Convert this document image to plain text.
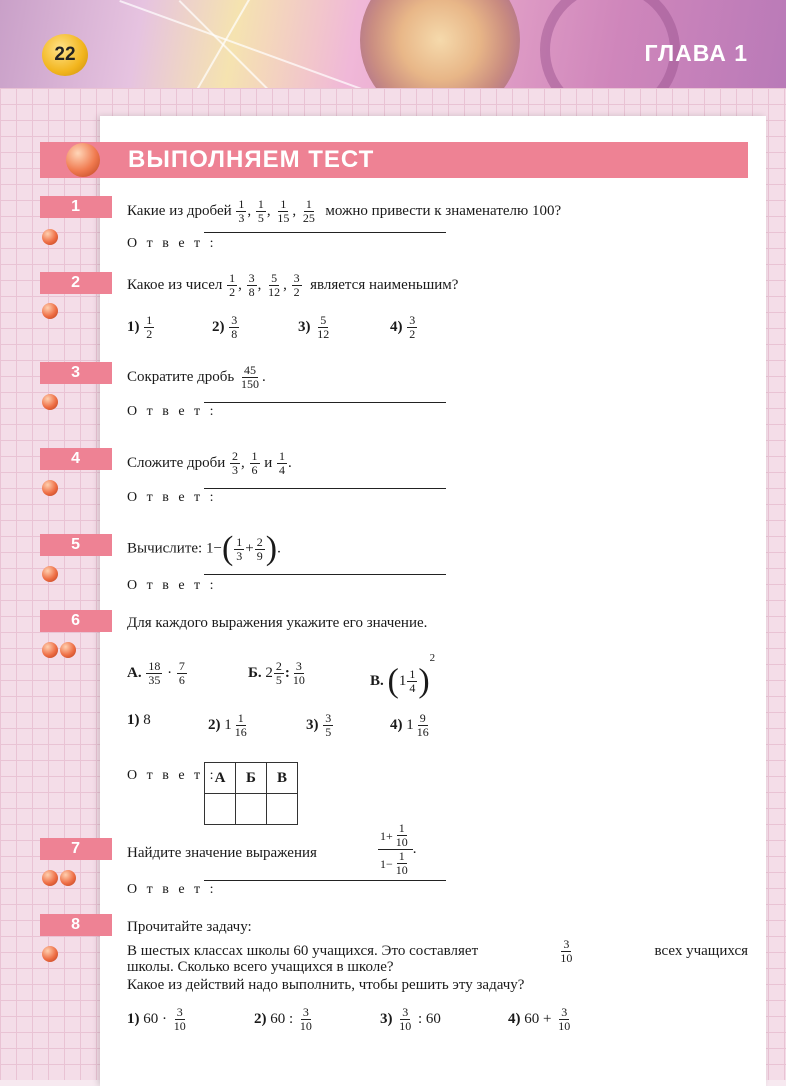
22	ГЛАВА 1
ВЫПОЛНЯЕМ ТЕСТ
1	Какие из дробей $\frac{1}{3}$ , $\frac{1}{5}$ , $\frac{1}{15}$ , $\frac{1}{25}$ можно привести к знаменателю 100?
О т в е т :
2	Какое из чисел $\frac{1}{2}$ , $\frac{3}{8}$ , $\frac{5}{12}$ , $\frac{3}{2}$ является наименьшим?
$1) \frac{1}{2}$	$2) \frac{3}{8}$	$3) \frac{5}{12}$	$4) \frac{3}{2}$
3	Сократите дробь $\frac{45}{150}$ .
О т в е т :
4	Сложите дроби $\frac{2}{3}$ , $\frac{1}{6}$ и $\frac{1}{4}$ .
О т в е т :
5	Вычислите: $1-( \frac{1}{3} + \frac{2}{9}$ ).
О т в е т :
6	Для каждого выражения укажите его значение.
А. $\frac{18}{35} \cdot \frac{7}{6}$	Б. $2 \frac{2}{5}$ : $\frac{3}{10}$	В. $(1 \frac{1}{4} )^2$
1) 8	2) $1 \frac{1}{16}$	$3) \frac{3}{5}$	4) $1 \frac{9}{16}$
О т в е т :
А	Б	В

7	Найдите значение выражения	$\frac{1 + \frac{1}{10}}{1 - \frac{1}{10}}$ .
О т в е т :
8	Прочитайте задачу:
В шестых классах школы 60 учащихся. Это составляет	$\frac{3}{10}$	всех учащихся
школы. Сколько всего учащихся в школе?
Какое из действий надо выполнить, чтобы решить эту задачу?
1) $60 \cdot \frac{3}{10}$	2) 60 : $\frac{3}{10}$	$3) \frac{3}{10}$ : 60	4) $60 + \frac{3}{10}$
